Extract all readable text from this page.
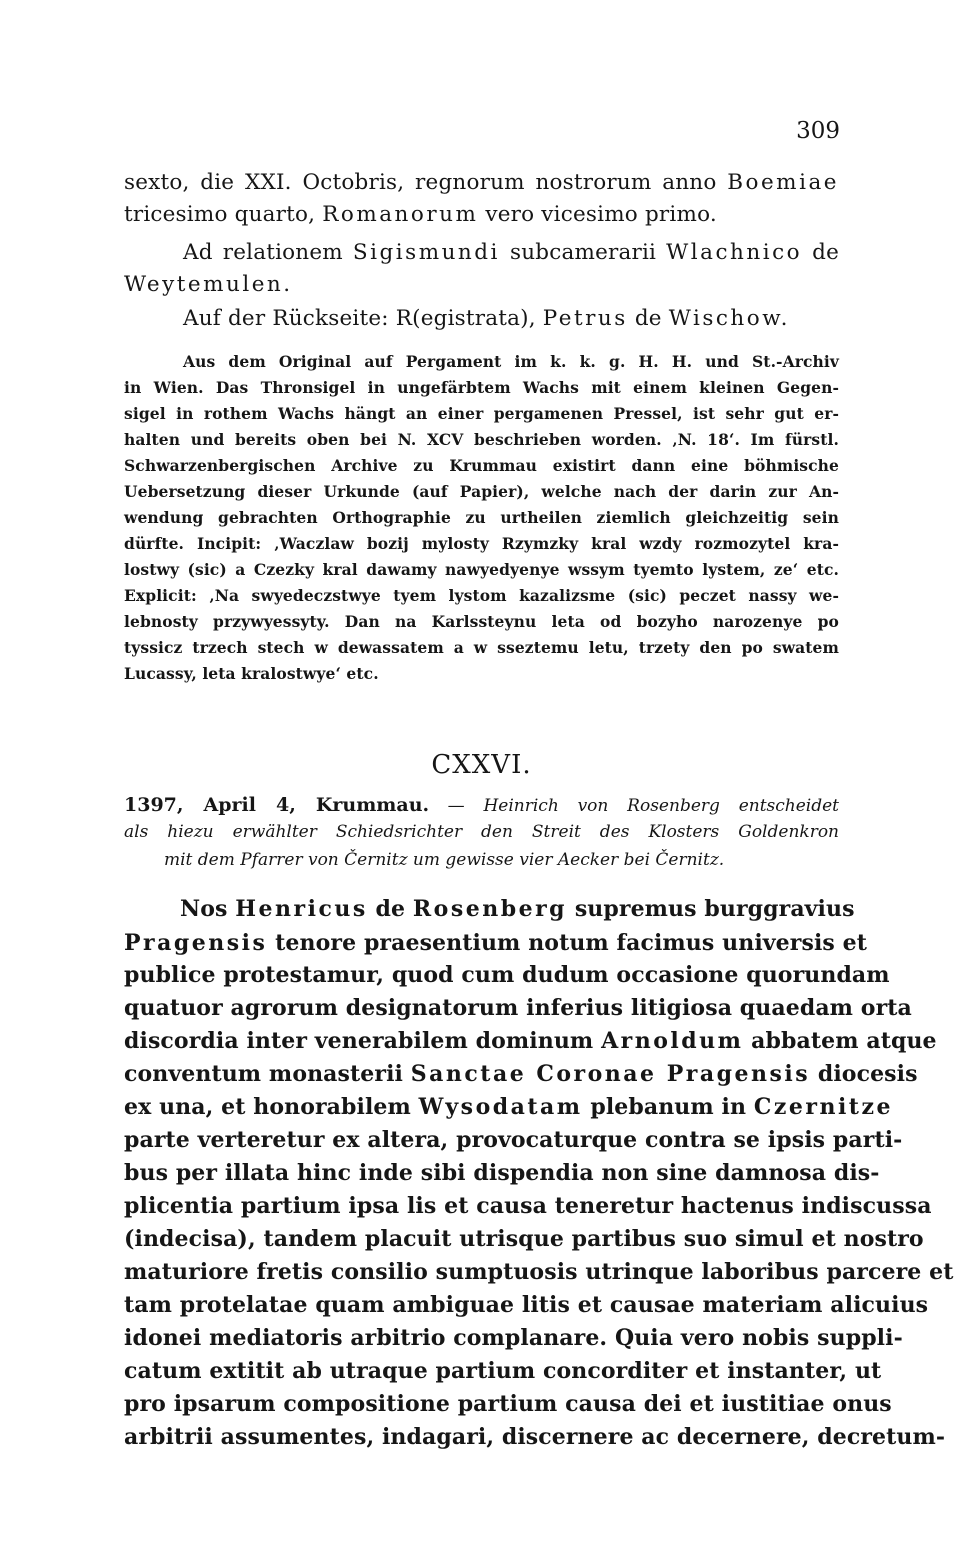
309
sexto, die XXI. Octobris, regnorum nostrorum anno Boemiae
tricesimo quarto, Romanorum vero vicesimo primo.
Ad relationem Sigismundi subcamerarii Wlachnico de
Weytemulen.
Auf der Rückseite: R(egistrata), Petrus de Wischow.
Aus dem Original auf Pergament im k. k. g. H. H. und St.-Archiv
in Wien. Das Thronsigel in ungefärbtem Wachs mit einem kleinen Gegen-
sigel in rothem Wachs hängt an einer pergamenen Pressel, ist sehr gut er-
halten und bereits oben bei N. XCV beschrieben worden. ‚N. 18‘. Im fürstl.
Schwarzenbergischen Archive zu Krummau existirt dann eine böhmische
Uebersetzung dieser Urkunde (auf Papier), welche nach der darin zur An-
wendung gebrachten Orthographie zu urtheilen ziemlich gleichzeitig sein
dürfte. Incipit: ‚Waczlaw bozij mylosty Rzymzky kral wzdy rozmozytel kra-
lostwy (sic) a Czezky kral dawamy nawyedyenye wssym tyemto lystem, ze‘ etc.
Explicit: ‚Na swyedeczstwye tyem lystom kazalizsme (sic) peczet nassy we-
lebnosty przywyessyty. Dan na Karlssteynu leta od bozyho narozenye po
tyssicz trzech stech w dewassatem a w sseztemu letu, trzety den po swatem
Lucassy, leta kralostwye‘ etc.
CXXVI.
1397, April 4, Krummau. — Heinrich von Rosenberg entscheidet
als hiezu erwählter Schiedsrichter den Streit des Klosters Goldenkron
mit dem Pfarrer von Černitz um gewisse vier Aecker bei Černitz.
Nos Henricus de Rosenberg supremus burggravius
Pragensis tenore praesentium notum facimus universis et
publice protestamur, quod cum dudum occasione quorundam
quatuor agrorum designatorum inferius litigiosa quaedam orta
discordia inter venerabilem dominum Arnoldum abbatem atque
conventum monasterii Sanctae Coronae Pragensis diocesis
ex una, et honorabilem Wysodatam plebanum in Czernitze
parte verteretur ex altera, provocaturque contra se ipsis parti-
bus per illata hinc inde sibi dispendia non sine damnosa dis-
plicentia partium ipsa lis et causa teneretur hactenus indiscussa
(indecisa), tandem placuit utrisque partibus suo simul et nostro
maturiore fretis consilio sumptuosis utrinque laboribus parcere et
tam protelatae quam ambiguae litis et causae materiam alicuius
idonei mediatoris arbitrio complanare. Quia vero nobis suppli-
catum extitit ab utraque partium concorditer et instanter, ut
pro ipsarum compositione partium causa dei et iustitiae onus
arbitrii assumentes, indagari, discernere ac decernere, decretum-
